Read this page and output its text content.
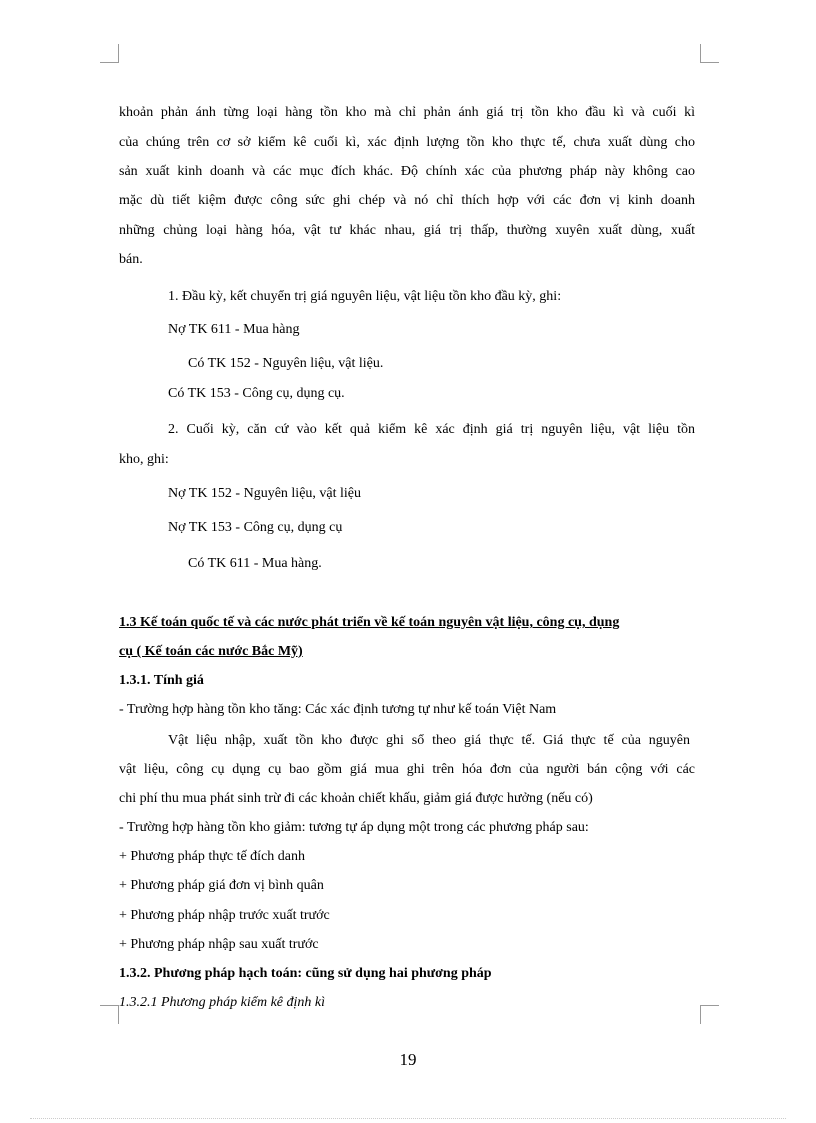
khoản phản ánh từng loại hàng tồn kho mà chỉ phản ánh giá trị tồn kho đầu kì và cuối kì
của chúng trên cơ sở kiểm kê cuối kì, xác định lượng tồn kho thực tế, chưa xuất dùng cho
sản xuất kinh doanh và các mục đích khác. Độ chính xác của phương pháp này không cao
mặc dù tiết kiệm được công sức ghi chép và nó chỉ thích hợp với các đơn vị kinh doanh
những chủng loại hàng hóa, vật tư khác nhau, giá trị thấp, thường xuyên xuất dùng, xuất
bán.
1. Đầu kỳ, kết chuyển trị giá nguyên liệu, vật liệu tồn kho đầu kỳ, ghi:
Nợ TK 611 - Mua hàng
Có TK 152 - Nguyên liệu, vật liệu.
Có TK 153 - Công cụ, dụng cụ.
2. Cuối kỳ, căn cứ vào kết quả kiểm kê xác định giá trị nguyên liệu, vật liệu tồn
kho, ghi:
Nợ TK 152 - Nguyên liệu, vật liệu
Nợ TK 153 - Công cụ, dụng cụ
Có TK 611 - Mua hàng.
1.3 Kế toán quốc tế và các nước phát triển về kế toán nguyên vật liệu, công cụ, dụng
cụ ( Kế toán các nước Bắc Mỹ)
1.3.1. Tính giá
- Trường hợp hàng tồn kho tăng: Các xác định tương tự như kế toán Việt Nam
Vật liệu nhập, xuất tồn kho được ghi sổ theo giá thực tế. Giá thực tế của nguyên
vật liệu, công cụ dụng cụ bao gồm giá mua ghi trên hóa đơn của người bán cộng với các
chi phí thu mua phát sinh trừ đi các khoản chiết khấu, giảm giá được hưởng (nếu có)
- Trường hợp hàng tồn kho giảm: tương tự áp dụng một trong các phương pháp sau:
+ Phương pháp thực tế đích danh
+ Phương pháp giá đơn vị bình quân
+ Phương pháp nhập trước xuất trước
+ Phương pháp nhập sau xuất trước
1.3.2. Phương pháp hạch toán: cũng sử dụng hai phương pháp
1.3.2.1 Phương pháp kiểm kê định kì
19
